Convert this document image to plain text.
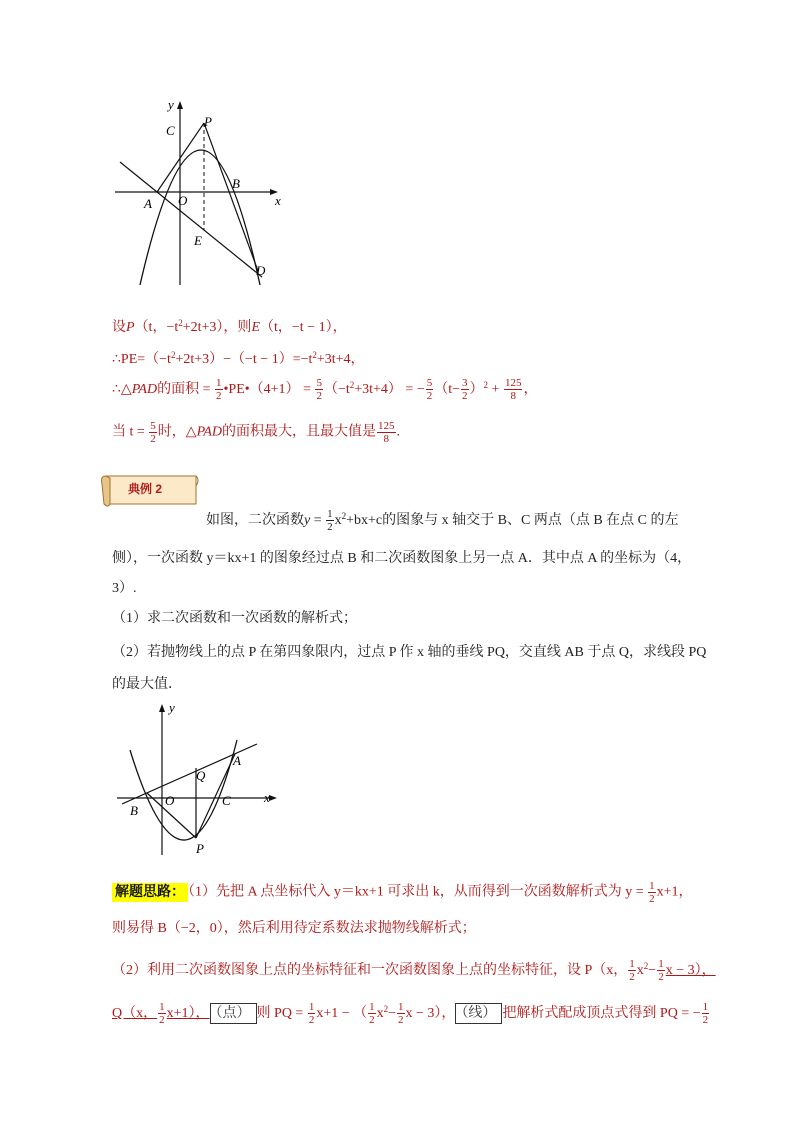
y
x
C
P
B
A O
E
D
设P（t，$-t^2+2t+3$），则E（t，−t − 1），
$\therefore PE=(-t^2+2t+3)-(-t - 1)=-t^2+3t+4$，
∴△PAD的面积 = $\frac{1}{2}$ •PE•（4+1） = $\frac{5}{2} (-t^2+3t+4)$ = − $\frac{5}{2} (t- \frac{3}{2} )^2 + \frac{125}{8}$ ，
当 $t = \frac{5}{2}$ 时，△PAD的面积最大，且最大值是 $\frac{125}{8}$ .
典例 2
如图，二次函数$y = \frac{1}{2} x^2+bx+c$的图象与 x 轴交于 B、C 两点（点 B 在点 C 的左
侧），一次函数 y＝kx+1 的图象经过点 B 和二次函数图象上另一点 A．其中点 A 的坐标为（4，
3）.
（1）求二次函数和一次函数的解析式；
（2）若抛物线上的点 P 在第四象限内，过点 P 作 x 轴的垂线 PQ，交直线 AB 于点 Q，求线段 PQ
的最大值．
y
x
A
Q
B
O	C
P
解题思路： （1）先把 A 点坐标代入 y＝kx+1 可求出 k，从而得到一次函数解析式为 $y = \frac{1}{2} x+1$，
则易得 B（−2，0），然后利用待定系数法求抛物线解析式；
（2）利用二次函数图象上点的坐标特征和一次函数图象上点的坐标特征，设 P（x， $\frac{1}{2} x^2- \frac{1}{2}$ x − 3），
Q（x， $\frac{1}{2} x+1$）， （点） 则 PQ = $\frac{1}{2} x+1$ − （ $\frac{1}{2} x^2- \frac{1}{2}$ x − 3）， （线） 把解析式配成顶点式得到 PQ = − $\frac{1}{2}$
